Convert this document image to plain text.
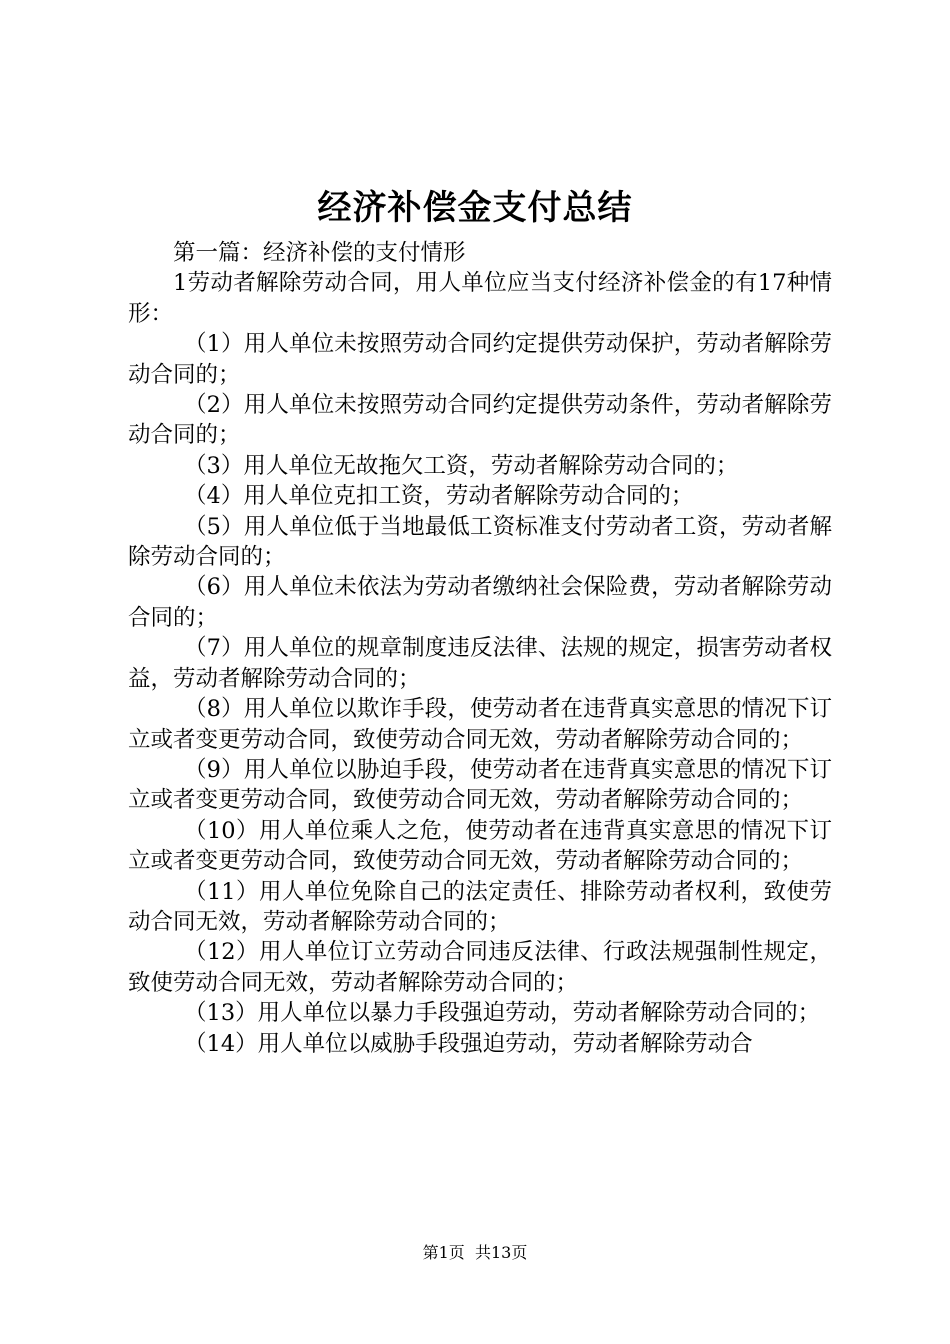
经济补偿金支付总结

第一篇：经济补偿的支付情形

1劳动者解除劳动合同，用人单位应当支付经济补偿金的有17种情形：

（1）用人单位未按照劳动合同约定提供劳动保护，劳动者解除劳动合同的；

（2）用人单位未按照劳动合同约定提供劳动条件，劳动者解除劳动合同的；

（3）用人单位无故拖欠工资，劳动者解除劳动合同的；

（4）用人单位克扣工资，劳动者解除劳动合同的；

（5）用人单位低于当地最低工资标准支付劳动者工资，劳动者解除劳动合同的；

（6）用人单位未依法为劳动者缴纳社会保险费，劳动者解除劳动合同的；

（7）用人单位的规章制度违反法律、法规的规定，损害劳动者权益，劳动者解除劳动合同的；

（8）用人单位以欺诈手段，使劳动者在违背真实意思的情况下订立或者变更劳动合同，致使劳动合同无效，劳动者解除劳动合同的；

（9）用人单位以胁迫手段，使劳动者在违背真实意思的情况下订立或者变更劳动合同，致使劳动合同无效，劳动者解除劳动合同的；

（10）用人单位乘人之危，使劳动者在违背真实意思的情况下订立或者变更劳动合同，致使劳动合同无效，劳动者解除劳动合同的；

（11）用人单位免除自己的法定责任、排除劳动者权利，致使劳动合同无效，劳动者解除劳动合同的；

（12）用人单位订立劳动合同违反法律、行政法规强制性规定，致使劳动合同无效，劳动者解除劳动合同的；

（13）用人单位以暴力手段强迫劳动，劳动者解除劳动合同的；

（14）用人单位以威胁手段强迫劳动，劳动者解除劳动合

第1页 共13页
